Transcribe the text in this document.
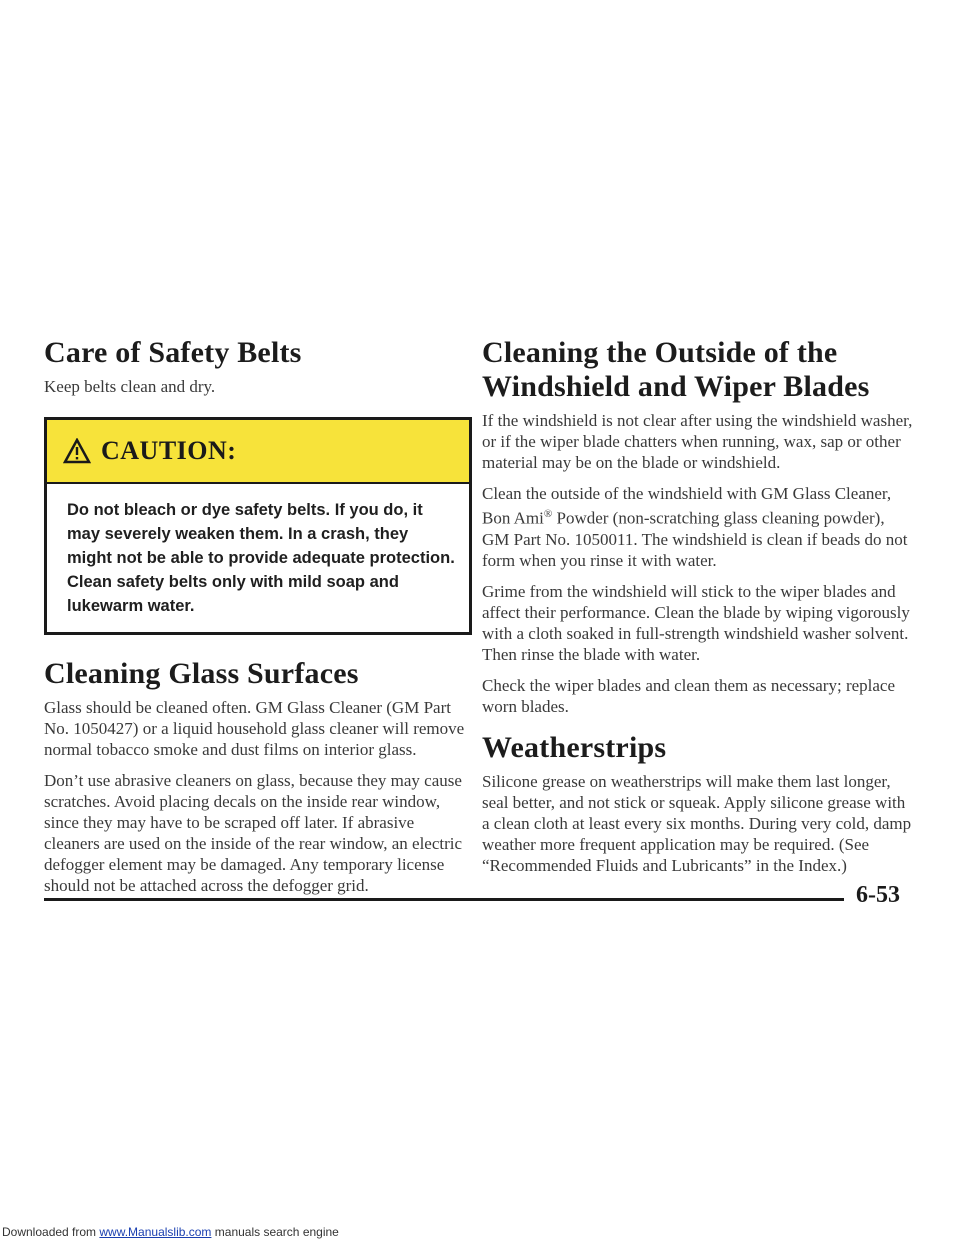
Care of Safety Belts

Keep belts clean and dry.

CAUTION:
Do not bleach or dye safety belts. If you do, it may severely weaken them. In a crash, they might not be able to provide adequate protection. Clean safety belts only with mild soap and lukewarm water.
Cleaning Glass Surfaces

Glass should be cleaned often. GM Glass Cleaner (GM Part No. 1050427) or a liquid household glass cleaner will remove normal tobacco smoke and dust films on interior glass.

Don’t use abrasive cleaners on glass, because they may cause scratches. Avoid placing decals on the inside rear window, since they may have to be scraped off later. If abrasive cleaners are used on the inside of the rear window, an electric defogger element may be damaged. Any temporary license should not be attached across the defogger grid.

Cleaning the Outside of the Windshield and Wiper Blades

If the windshield is not clear after using the windshield washer, or if the wiper blade chatters when running, wax, sap or other material may be on the blade or windshield.

Clean the outside of the windshield with GM Glass Cleaner, Bon Ami® Powder (non-scratching glass cleaning powder), GM Part No. 1050011. The windshield is clean if beads do not form when you rinse it with water.

Grime from the windshield will stick to the wiper blades and affect their performance. Clean the blade by wiping vigorously with a cloth soaked in full-strength windshield washer solvent. Then rinse the blade with water.

Check the wiper blades and clean them as necessary; replace worn blades.

Weatherstrips

Silicone grease on weatherstrips will make them last longer, seal better, and not stick or squeak. Apply silicone grease with a clean cloth at least every six months. During very cold, damp weather more frequent application may be required. (See “Recommended Fluids and Lubricants” in the Index.)

6-53
Downloaded from www.Manualslib.com manuals search engine
